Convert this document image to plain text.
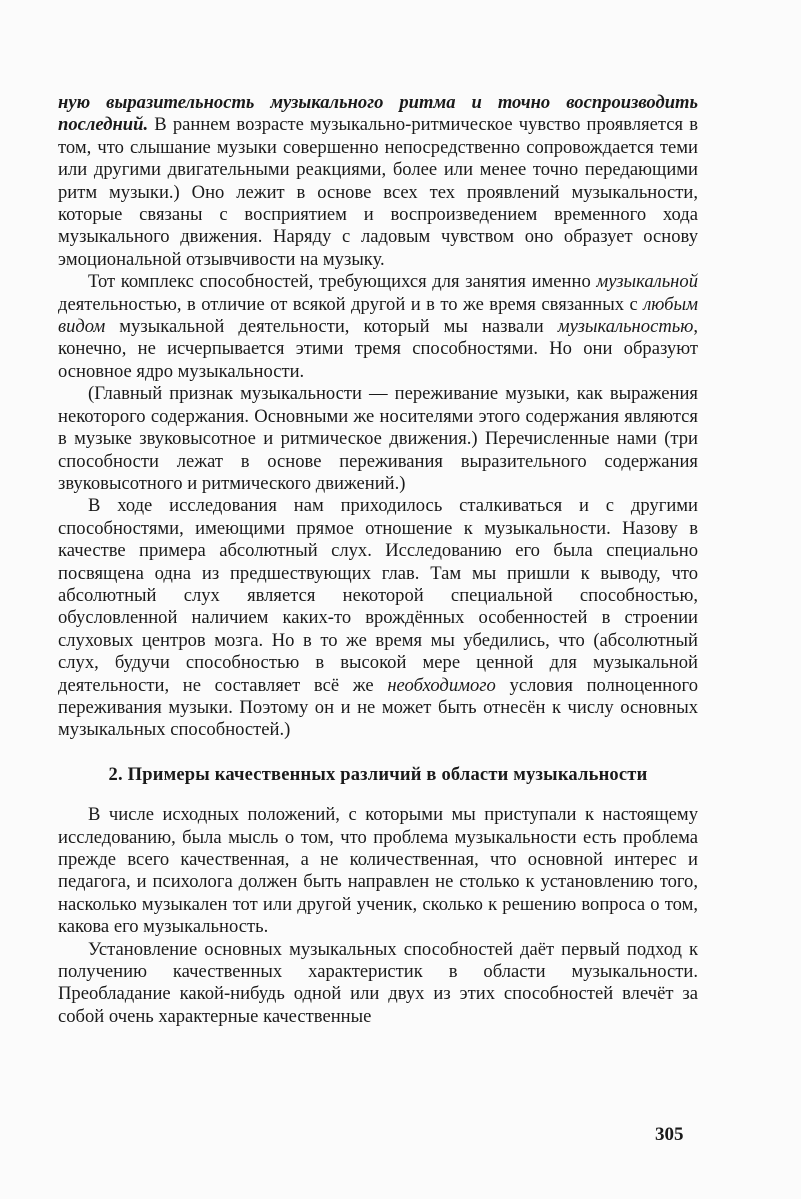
ную выразительность музыкального ритма и точно воспроизводить последний. В раннем возрасте музыкально-ритмическое чувство проявляется в том, что слышание музыки совершенно непосредственно сопровождается теми или другими двигательными реакциями, более или менее точно передающими ритм музыки.) Оно лежит в основе всех тех проявлений музыкальности, которые связаны с восприятием и воспроизведением временного хода музыкального движения. Наряду с ладовым чувством оно образует основу эмоциональной отзывчивости на музыку.

Тот комплекс способностей, требующихся для занятия именно музыкальной деятельностью, в отличие от всякой другой и в то же время связанных с любым видом музыкальной деятельности, который мы назвали музыкальностью, конечно, не исчерпывается этими тремя способностями. Но они образуют основное ядро музыкальности.

(Главный признак музыкальности — переживание музыки, как выражения некоторого содержания. Основными же носителями этого содержания являются в музыке звуковысотное и ритмическое движения.) Перечисленные нами (три способности лежат в основе переживания выразительного содержания звуковысотного и ритмического движений.)

В ходе исследования нам приходилось сталкиваться и с другими способностями, имеющими прямое отношение к музыкальности. Назову в качестве примера абсолютный слух. Исследованию его была специально посвящена одна из предшествующих глав. Там мы пришли к выводу, что абсолютный слух является некоторой специальной способностью, обусловленной наличием каких-то врождённых особенностей в строении слуховых центров мозга. Но в то же время мы убедились, что (абсолютный слух, будучи способностью в высокой мере ценной для музыкальной деятельности, не составляет всё же необходимого условия полноценного переживания музыки. Поэтому он и не может быть отнесён к числу основных музыкальных способностей.)

2. Примеры качественных различий в области музыкальности

В числе исходных положений, с которыми мы приступали к настоящему исследованию, была мысль о том, что проблема музыкальности есть проблема прежде всего качественная, а не количественная, что основной интерес и педагога, и психолога должен быть направлен не столько к установлению того, насколько музыкален тот или другой ученик, сколько к решению вопроса о том, какова его музыкальность.

Установление основных музыкальных способностей даёт первый подход к получению качественных характеристик в области музыкальности. Преобладание какой-нибудь одной или двух из этих способностей влечёт за собой очень характерные качественные

305
